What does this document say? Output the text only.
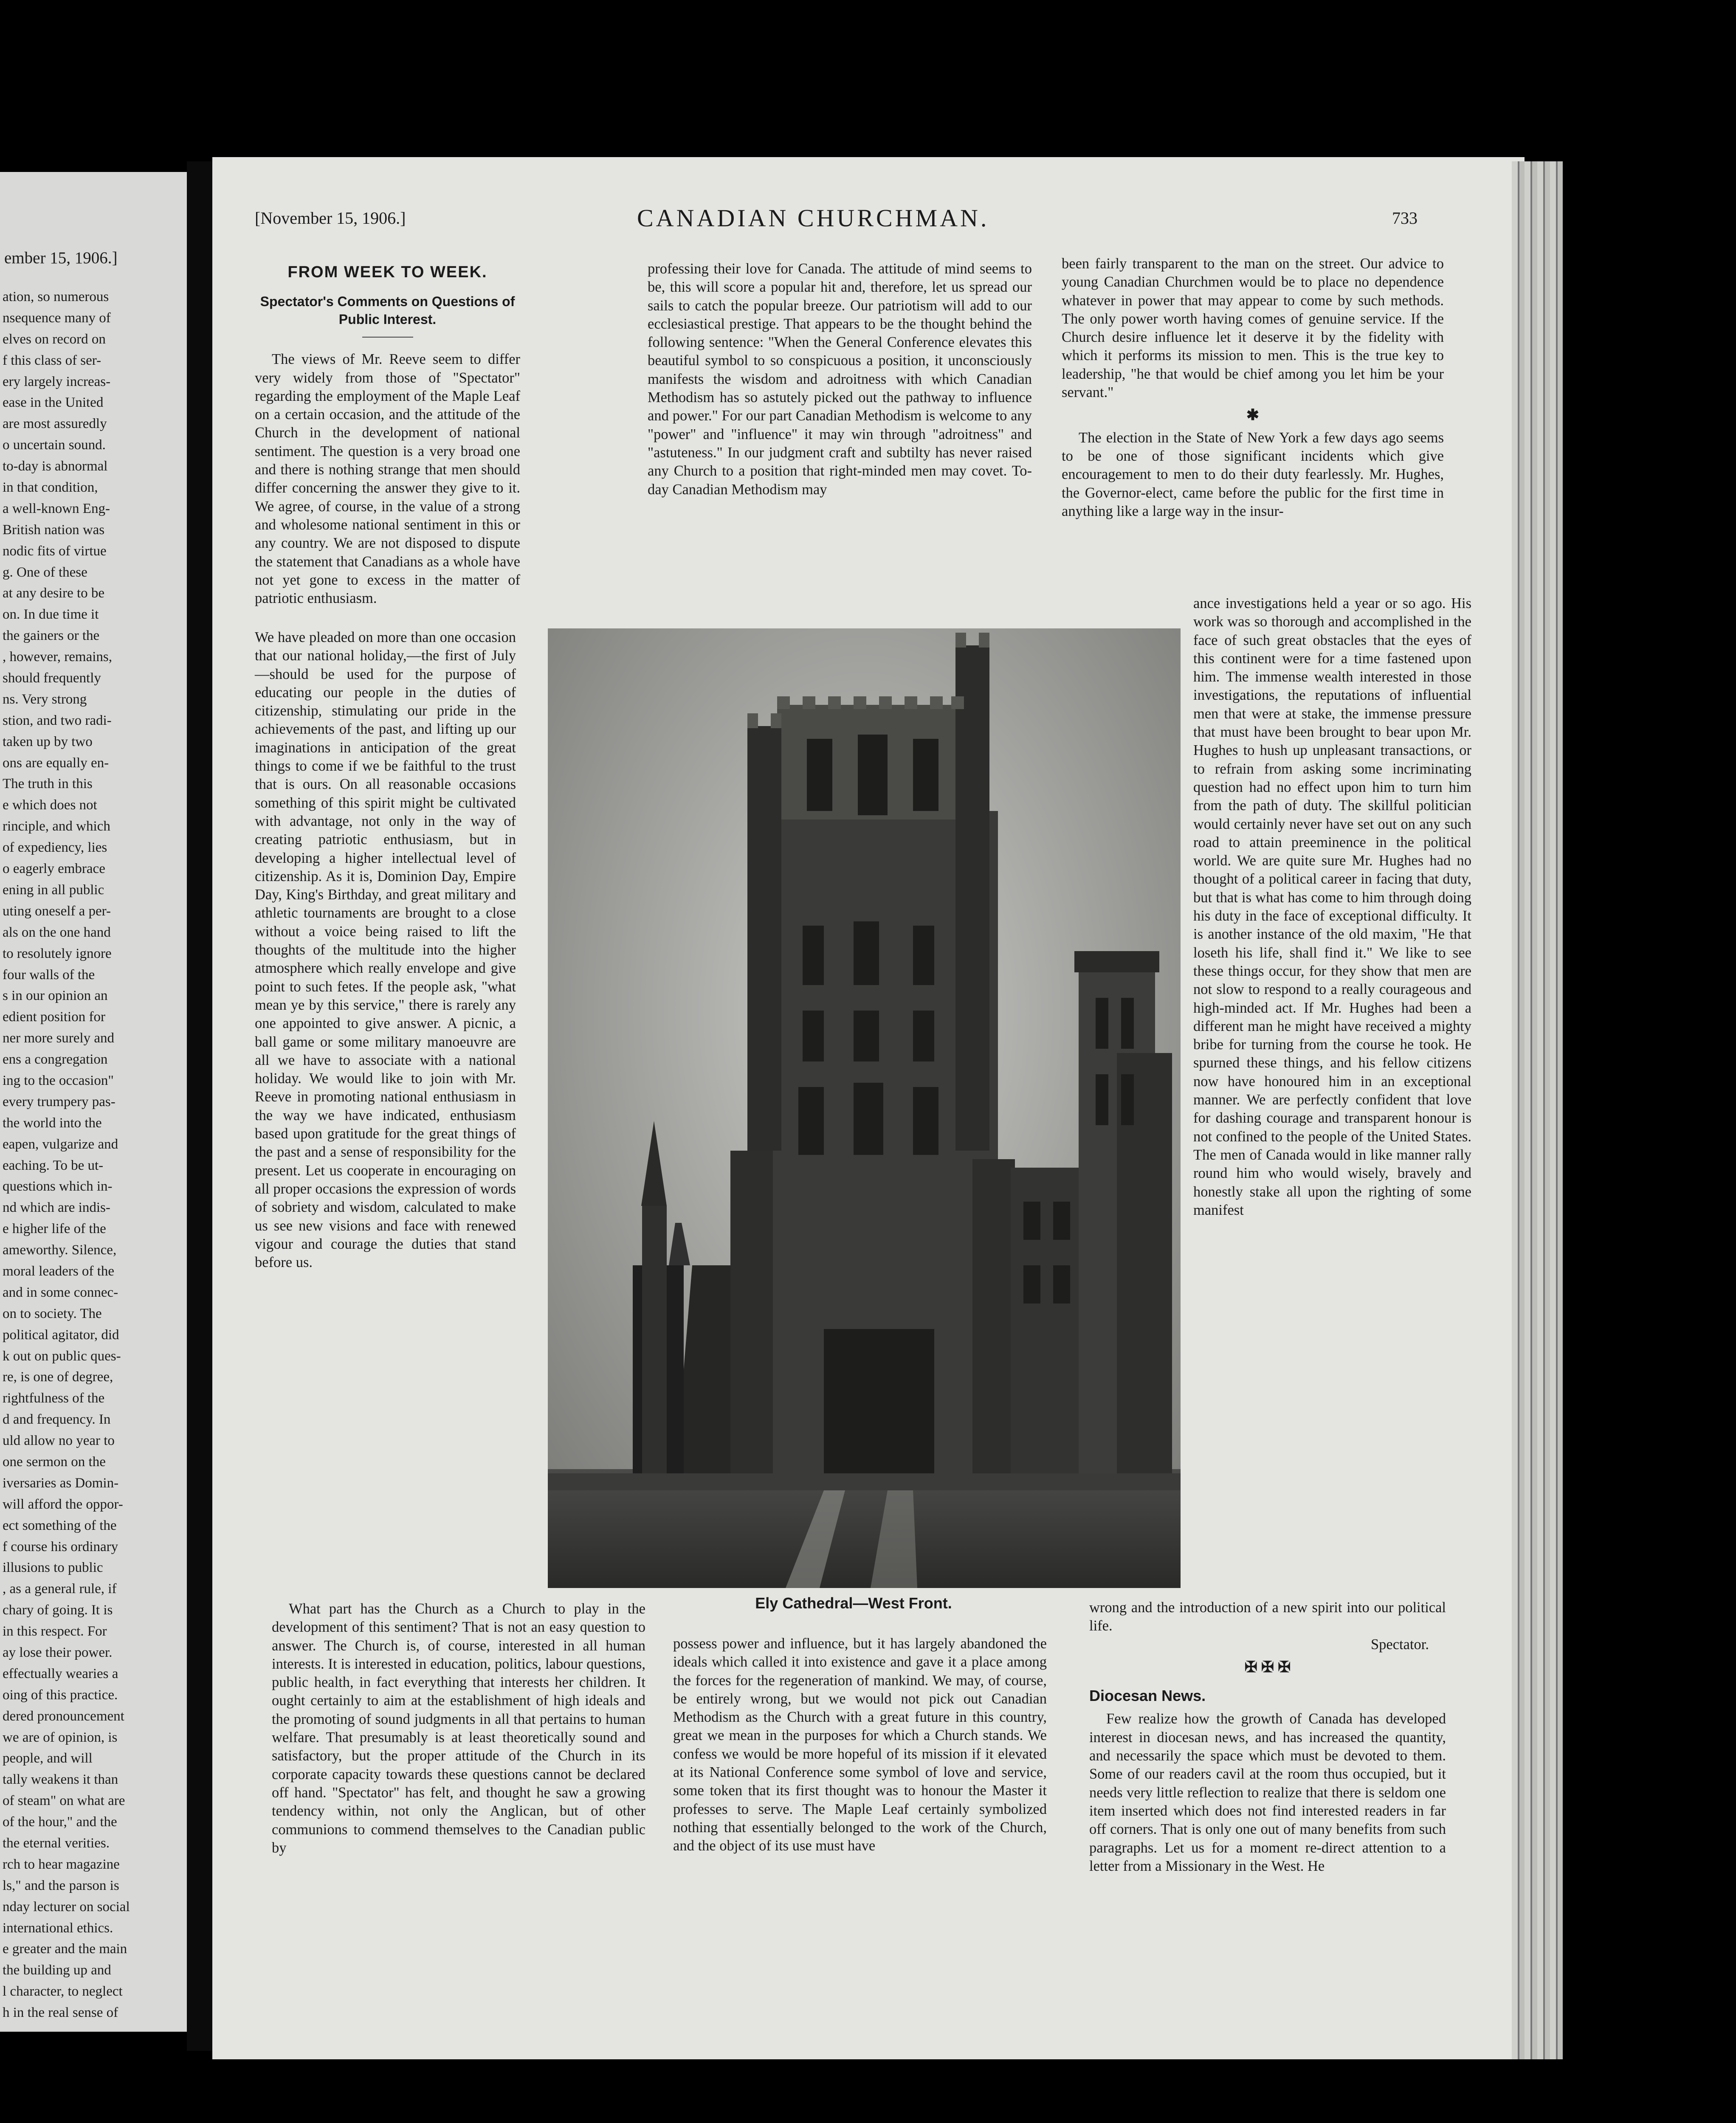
ember 15, 1906.]
ation, so numerous
nsequence many of
elves on record on
f this class of ser-
ery largely increas-
ease in the United
are most assuredly
o uncertain sound.
to-day is abnormal
in that condition,
a well-known Eng-
British nation was
nodic fits of virtue
g. One of these
at any desire to be
on. In due time it
the gainers or the
, however, remains,
should frequently
ns. Very strong
stion, and two radi-
taken up by two
ons are equally en-
The truth in this
e which does not
rinciple, and which
of expediency, lies
o eagerly embrace
ening in all public
uting oneself a per-
als on the one hand
to resolutely ignore
four walls of the
s in our opinion an
edient position for
ner more surely and
ens a congregation
ing to the occasion"
every trumpery pas-
the world into the
eapen, vulgarize and
eaching. To be ut-
questions which in-
nd which are indis-
e higher life of the
ameworthy. Silence,
moral leaders of the
and in some connec-
on to society. The
political agitator, did
k out on public ques-
re, is one of degree,
rightfulness of the
d and frequency. In
uld allow no year to
one sermon on the
iversaries as Domin-
will afford the oppor-
ect something of the
f course his ordinary
illusions to public
, as a general rule, if
chary of going. It is
in this respect. For
ay lose their power.
effectually wearies a
oing of this practice.
dered pronouncement
we are of opinion, is
people, and will
tally weakens it than
of steam" on what are
of the hour," and the
the eternal verities.
rch to hear magazine
ls," and the parson is
nday lecturer on social
international ethics.
e greater and the main
the building up and
l character, to neglect
h in the real sense of
[November 15, 1906.]	CANADIAN CHURCHMAN.	733
FROM WEEK TO WEEK.
Spectator's Comments on Questions of Public Interest.

The views of Mr. Reeve seem to differ very widely from those of "Spectator" regarding the employment of the Maple Leaf on a certain occasion, and the attitude of the Church in the development of national sentiment. The question is a very broad one and there is nothing strange that men should differ concerning the answer they give to it. We agree, of course, in the value of a strong and wholesome national sentiment in this or any country. We are not disposed to dispute the statement that Canadians as a whole have not yet gone to excess in the matter of patriotic enthusiasm.

We have pleaded on more than one occasion that our national holiday,—the first of July—should be used for the purpose of educating our people in the duties of citizenship, stimulating our pride in the achievements of the past, and lifting up our imaginations in anticipation of the great things to come if we be faithful to the trust that is ours. On all reasonable occasions something of this spirit might be cultivated with advantage, not only in the way of creating patriotic enthusiasm, but in developing a higher intellectual level of citizenship. As it is, Dominion Day, Empire Day, King's Birthday, and great military and athletic tournaments are brought to a close without a voice being raised to lift the thoughts of the multitude into the higher atmosphere which really envelope and give point to such fetes. If the people ask, "what mean ye by this service," there is rarely any one appointed to give answer. A picnic, a ball game or some military manoeuvre are all we have to associate with a national holiday. We would like to join with Mr. Reeve in promoting national enthusiasm in the way we have indicated, enthusiasm based upon gratitude for the great things of the past and a sense of responsibility for the present. Let us cooperate in encouraging on all proper occasions the expression of words of sobriety and wisdom, calculated to make us see new visions and face with renewed vigour and courage the duties that stand before us.

What part has the Church as a Church to play in the development of this sentiment? That is not an easy question to answer. The Church is, of course, interested in all human interests. It is interested in education, politics, labour questions, public health, in fact everything that interests her children. It ought certainly to aim at the establishment of high ideals and the promoting of sound judgments in all that pertains to human welfare. That presumably is at least theoretically sound and satisfactory, but the proper attitude of the Church in its corporate capacity towards these questions cannot be declared off hand. "Spectator" has felt, and thought he saw a growing tendency within, not only the Anglican, but of other communions to commend themselves to the Canadian public by

professing their love for Canada. The attitude of mind seems to be, this will score a popular hit and, therefore, let us spread our sails to catch the popular breeze. Our patriotism will add to our ecclesiastical prestige. That appears to be the thought behind the following sentence: "When the General Conference elevates this beautiful symbol to so conspicuous a position, it unconsciously manifests the wisdom and adroitness with which Canadian Methodism has so astutely picked out the pathway to influence and power." For our part Canadian Methodism is welcome to any "power" and "influence" it may win through "adroitness" and "astuteness." In our judgment craft and subtilty has never raised any Church to a position that right-minded men may covet. To-day Canadian Methodism may

possess power and influence, but it has largely abandoned the ideals which called it into existence and gave it a place among the forces for the regeneration of mankind. We may, of course, be entirely wrong, but we would not pick out Canadian Methodism as the Church with a great future in this country, great we mean in the purposes for which a Church stands. We confess we would be more hopeful of its mission if it elevated at its National Conference some symbol of love and service, some token that its first thought was to honour the Master it professes to serve. The Maple Leaf certainly symbolized nothing that essentially belonged to the work of the Church, and the object of its use must have

been fairly transparent to the man on the street. Our advice to young Canadian Churchmen would be to place no dependence whatever in power that may appear to come by such methods. The only power worth having comes of genuine service. If the Church desire influence let it deserve it by the fidelity with which it performs its mission to men. This is the true key to leadership, "he that would be chief among you let him be your servant."

✱

The election in the State of New York a few days ago seems to be one of those significant incidents which give encouragement to men to do their duty fearlessly. Mr. Hughes, the Governor-elect, came before the public for the first time in anything like a large way in the insur-

ance investigations held a year or so ago. His work was so thorough and accomplished in the face of such great obstacles that the eyes of this continent were for a time fastened upon him. The immense wealth interested in those investigations, the reputations of influential men that were at stake, the immense pressure that must have been brought to bear upon Mr. Hughes to hush up unpleasant transactions, or to refrain from asking some incriminating question had no effect upon him to turn him from the path of duty. The skillful politician would certainly never have set out on any such road to attain preeminence in the political world. We are quite sure Mr. Hughes had no thought of a political career in facing that duty, but that is what has come to him through doing his duty in the face of exceptional difficulty. It is another instance of the old maxim, "He that loseth his life, shall find it." We like to see these things occur, for they show that men are not slow to respond to a really courageous and high-minded act. If Mr. Hughes had been a different man he might have received a mighty bribe for turning from the course he took. He spurned these things, and his fellow citizens now have honoured him in an exceptional manner. We are perfectly confident that love for dashing courage and transparent honour is not confined to the people of the United States. The men of Canada would in like manner rally round him who would wisely, bravely and honestly stake all upon the righting of some manifest

wrong and the introduction of a new spirit into our political life.

Spectator.

✠ ✠ ✠
Diocesan News.

Few realize how the growth of Canada has developed interest in diocesan news, and has increased the quantity, and necessarily the space which must be devoted to them. Some of our readers cavil at the room thus occupied, but it needs very little reflection to realize that there is seldom one item inserted which does not find interested readers in far off corners. That is only one out of many benefits from such paragraphs. Let us for a moment re-direct attention to a letter from a Missionary in the West. He

Ely Cathedral—West Front.
